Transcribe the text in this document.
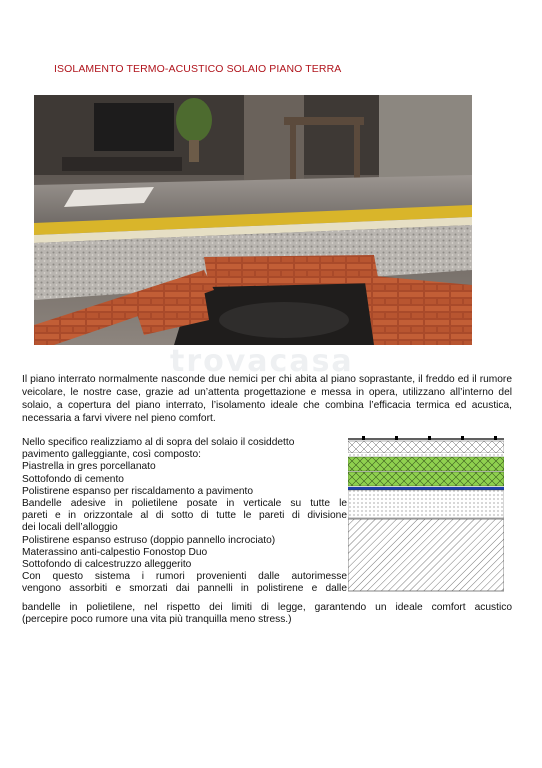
ISOLAMENTO TERMO-ACUSTICO SOLAIO PIANO TERRA
trovacasa
Il piano interrato normalmente nasconde due nemici per chi abita al piano soprastante, il freddo ed il rumore veicolare, le nostre case, grazie ad un’attenta progettazione e messa in opera, utilizzano all’interno del solaio, a copertura del piano interrato, l’isolamento ideale che combina l’efficacia termica ed acustica, necessaria a farvi vivere nel pieno comfort.
Nello specifico realizziamo al di sopra del solaio il cosiddetto
pavimento galleggiante, così composto:
Piastrella in gres porcellanato
Sottofondo di cemento
Polistirene espanso per riscaldamento a pavimento
Bandelle adesive in polietilene posate in verticale su tutte le
pareti e in orizzontale al di sotto di tutte le pareti di divisione
dei locali dell’alloggio
Polistirene espanso estruso (doppio pannello incrociato)
Materassino anti-calpestio Fonostop Duo
Sottofondo di calcestruzzo alleggerito
Con questo sistema i rumori provenienti dalle autorimesse
vengono assorbiti e smorzati dai pannelli in polistirene e dalle
bandelle in polietilene, nel rispetto dei limiti di legge, garantendo un ideale comfort acustico
(percepire poco rumore una vita più tranquilla meno stress.)
